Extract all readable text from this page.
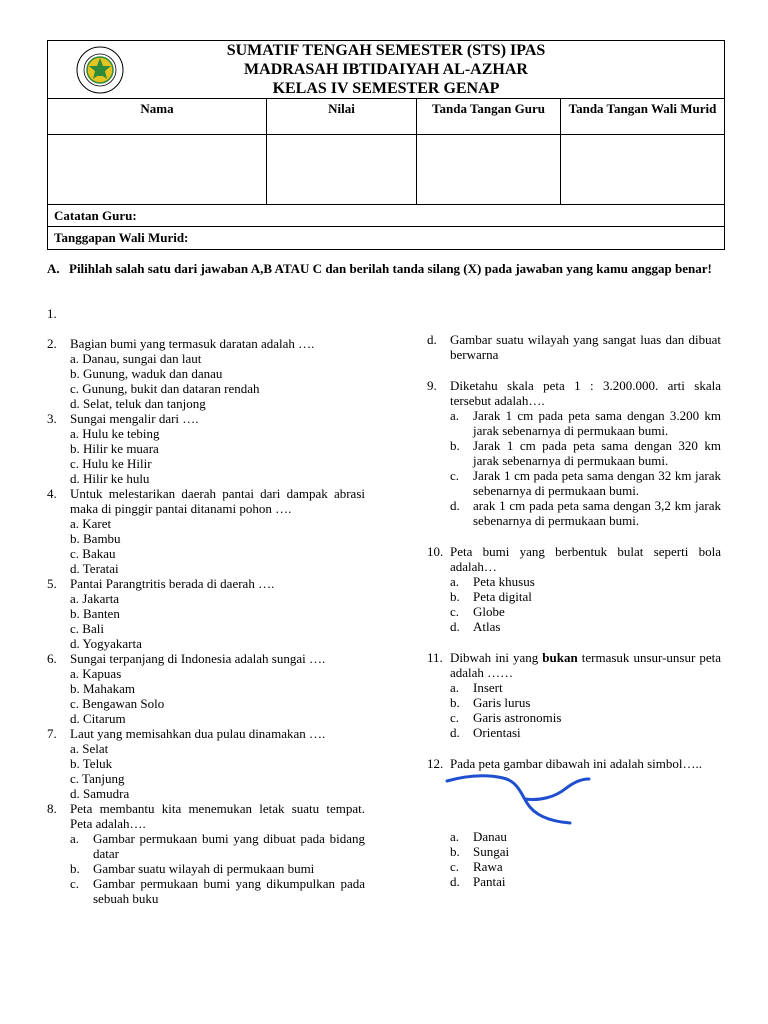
SUMATIF TENGAH SEMESTER (STS) IPAS
MADRASAH IBTIDAIYAH AL-AZHAR
KELAS IV SEMESTER GENAP
Nama	Nilai	Tanda Tangan Guru	Tanda Tangan Wali Murid
Catatan Guru:
Tanggapan Wali Murid:
A. Pilihlah salah satu dari jawaban A,B ATAU C dan berilah tanda silang (X) pada jawaban yang kamu anggap benar!
1.

2. Bagian bumi yang termasuk daratan adalah ….
a. Danau, sungai dan laut
b. Gunung, waduk dan danau
c. Gunung, bukit dan dataran rendah
d. Selat, teluk dan tanjong
3. Sungai mengalir dari ….
a. Hulu ke tebing
b. Hilir ke muara
c. Hulu ke Hilir
d. Hilir ke hulu
4. Untuk melestarikan daerah pantai dari dampak abrasi maka di pinggir pantai ditanami pohon ….
a. Karet
b. Bambu
c. Bakau
d. Teratai
5. Pantai Parangtritis berada di daerah ….
a. Jakarta
b. Banten
c. Bali
d. Yogyakarta
6. Sungai terpanjang di Indonesia adalah sungai ….
a. Kapuas
b. Mahakam
c. Bengawan Solo
d. Citarum
7. Laut yang memisahkan dua pulau dinamakan ….
a. Selat
b. Teluk
c. Tanjung
d. Samudra
8. Peta membantu kita menemukan letak suatu tempat. Peta adalah….
a. Gambar permukaan bumi yang dibuat pada bidang datar
b. Gambar suatu wilayah di permukaan bumi
c. Gambar permukaan bumi yang dikumpulkan pada sebuah buku
d. Gambar suatu wilayah yang sangat luas dan dibuat berwarna
9. Diketahu skala peta 1 : 3.200.000. arti skala tersebut adalah….
a. Jarak 1 cm pada peta sama dengan 3.200 km jarak sebenarnya di permukaan bumi.
b. Jarak 1 cm pada peta sama dengan 320 km jarak sebenarnya di permukaan bumi.
c. Jarak 1 cm pada peta sama dengan 32 km jarak sebenarnya di permukaan bumi.
d. arak 1 cm pada peta sama dengan 3,2 km jarak sebenarnya di permukaan bumi.
10. Peta bumi yang berbentuk bulat seperti bola adalah…
a. Peta khusus
b. Peta digital
c. Globe
d. Atlas
11. Dibwah ini yang bukan termasuk unsur-unsur peta adalah ……
a. Insert
b. Garis lurus
c. Garis astronomis
d. Orientasi
12. Pada peta gambar dibawah ini adalah simbol…..
a. Danau
b. Sungai
c. Rawa
d. Pantai
